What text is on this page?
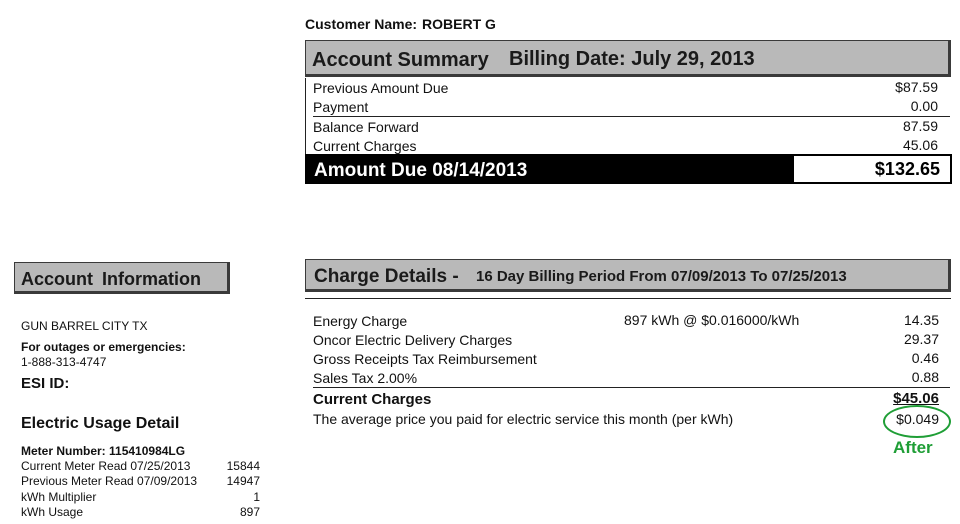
Customer Name: ROBERT G
Account Summary Billing Date: July 29, 2013
Previous Amount Due	$87.59
Payment	0.00
Balance Forward	87.59
Current Charges	45.06
Amount Due 08/14/2013	$132.65
Account Information
GUN BARREL CITY TX
For outages or emergencies:
1-888-313-4747
ESI ID:
Electric Usage Detail
Meter Number: 115410984LG
Current Meter Read 07/25/2013	15844
Previous Meter Read 07/09/2013 14947
kWh Multiplier	1
kWh Usage	897
Charge Details - 16 Day Billing Period From 07/09/2013 To 07/25/2013
Energy Charge	897 kWh @ $0.016000/kWh	14.35
Oncor Electric Delivery Charges	29.37
Gross Receipts Tax Reimbursement	0.46
Sales Tax 2.00%	0.88
Current Charges	$45.06
The average price you paid for electric service this month (per kWh)	$0.049
After
